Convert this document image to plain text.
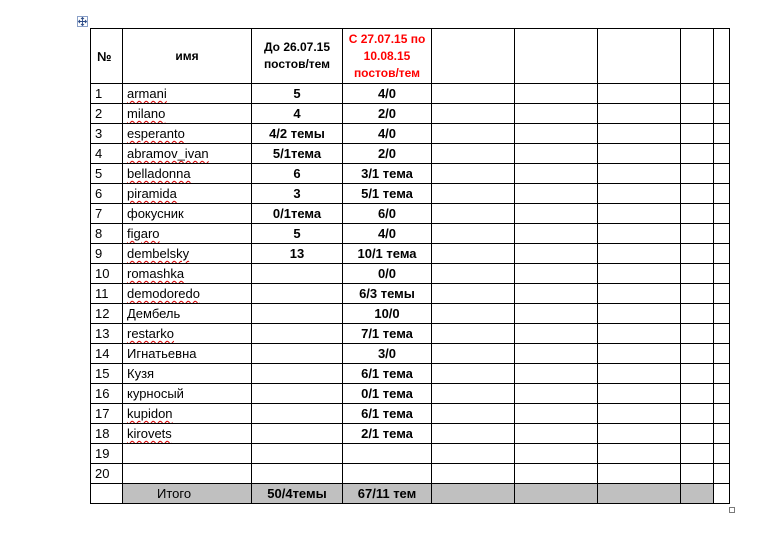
№	имя	До 26.07.15 постов/тем	С 27.07.15 по 10.08.15 постов/тем					
1	armani	5	4/0					
2	milano	4	2/0					
3	esperanto	4/2 темы	4/0					
4	abramov_ivan	5/1тема	2/0					
5	belladonna	6	3/1 тема					
6	piramida	3	5/1 тема					
7	фокусник	0/1тема	6/0					
8	figaro	5	4/0					
9	dembelsky	13	10/1 тема					
10	romashka		0/0					
11	demodoredo		6/3 темы					
12	Дембель		10/0					
13	restarko		7/1 тема					
14	Игнатьевна		3/0					
15	Кузя		6/1 тема					
16	курносый		0/1 тема					
17	kupidon		6/1 тема					
18	kirovets		2/1 тема					
19								
20								
	Итого	50/4темы	67/11 тем					
